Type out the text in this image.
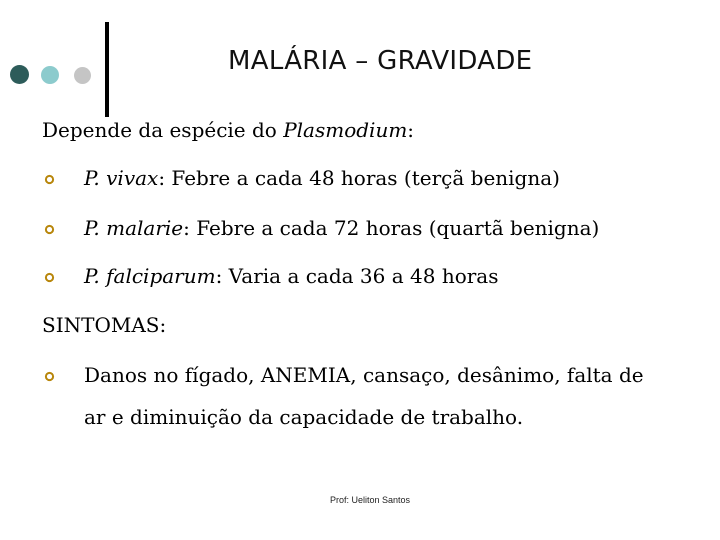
MALÁRIA – GRAVIDADE
Depende da espécie do Plasmodium:
P. vivax: Febre a cada 48 horas (terçã benigna)
P. malarie: Febre a cada 72 horas (quartã benigna)
P. falciparum: Varia a cada 36 a 48 horas
SINTOMAS:
Danos no fígado, ANEMIA, cansaço, desânimo, falta de
ar e diminuição da capacidade de trabalho.
Prof: Ueliton Santos
